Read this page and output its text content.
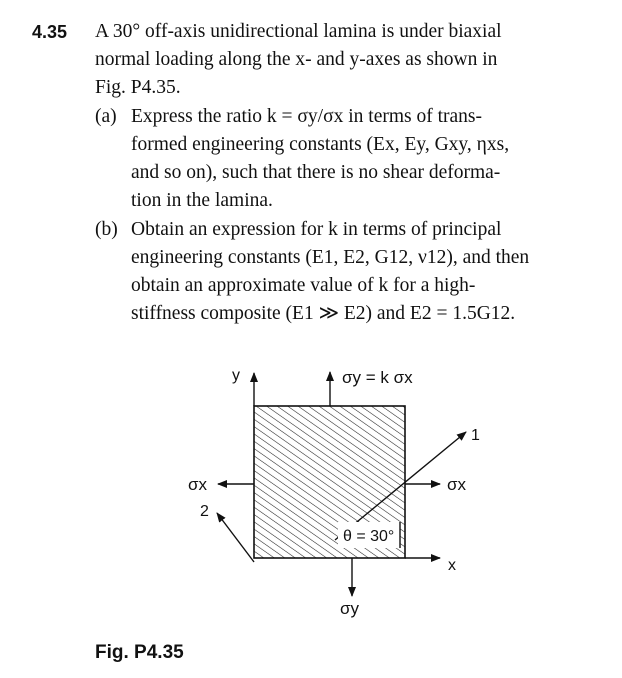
4.35 A 30° off-axis unidirectional lamina is under biaxial
normal loading along the x- and y-axes as shown in
Fig. P4.35.
(a) Express the ratio k = σy/σx in terms of trans-
formed engineering constants (Ex, Ey, Gxy, ηxs,
and so on), such that there is no shear deforma-
tion in the lamina.
(b) Obtain an expression for k in terms of principal
engineering constants (E1, E2, G12, ν12), and then
obtain an approximate value of k for a high-
stiffness composite (E1 ≫ E2) and E2 = 1.5G12.
y
x
σy = k σx
σx
σx
σy
1
2
θ = 30°
Fig. P4.35
